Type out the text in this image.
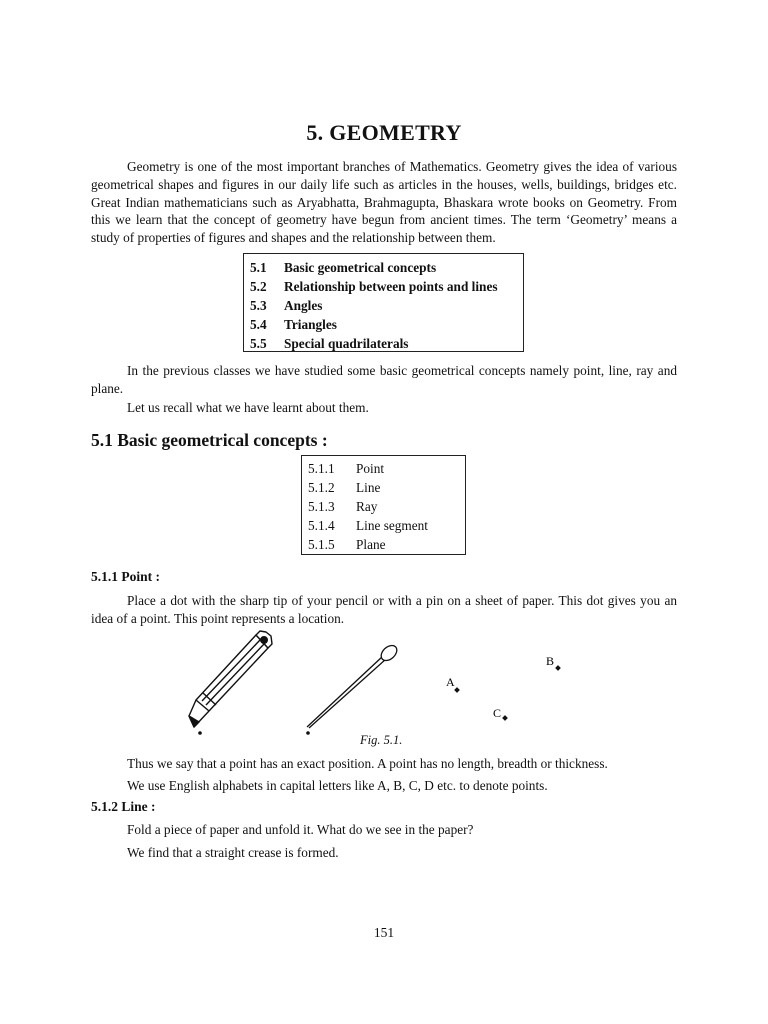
5. GEOMETRY
Geometry is one of the most important branches of Mathematics. Geometry gives the idea of various geometrical shapes and figures in our daily life such as articles in the houses, wells, buildings, bridges etc. Great Indian mathematicians such as Aryabhatta, Brahmagupta, Bhaskara wrote books on Geometry. From this we learn that the concept of geometry have begun from ancient times. The term ‘Geometry’ means a study of properties of figures and shapes and the relationship between them.
5.1	Basic geometrical concepts
5.2	Relationship between points and lines
5.3	Angles
5.4	Triangles
5.5	Special quadrilaterals
In the previous classes we have studied some basic geometrical concepts namely point, line, ray and plane.
Let us recall what we have learnt about them.
5.1 Basic geometrical concepts :
5.1.1	Point
5.1.2	Line
5.1.3	Ray
5.1.4	Line segment
5.1.5	Plane
5.1.1 Point :
Place a dot with the sharp tip of your pencil or with a pin on a sheet of paper. This dot gives you an idea of a point. This point represents a location.
A
B
C
Fig. 5.1.
Thus we say that a point has an exact position. A point has no length, breadth or thickness.
We use English alphabets in capital letters like A, B, C, D etc. to denote points.
5.1.2 Line :
Fold a piece of paper and unfold it. What do we see in the paper?
We find that a straight crease is formed.
151
